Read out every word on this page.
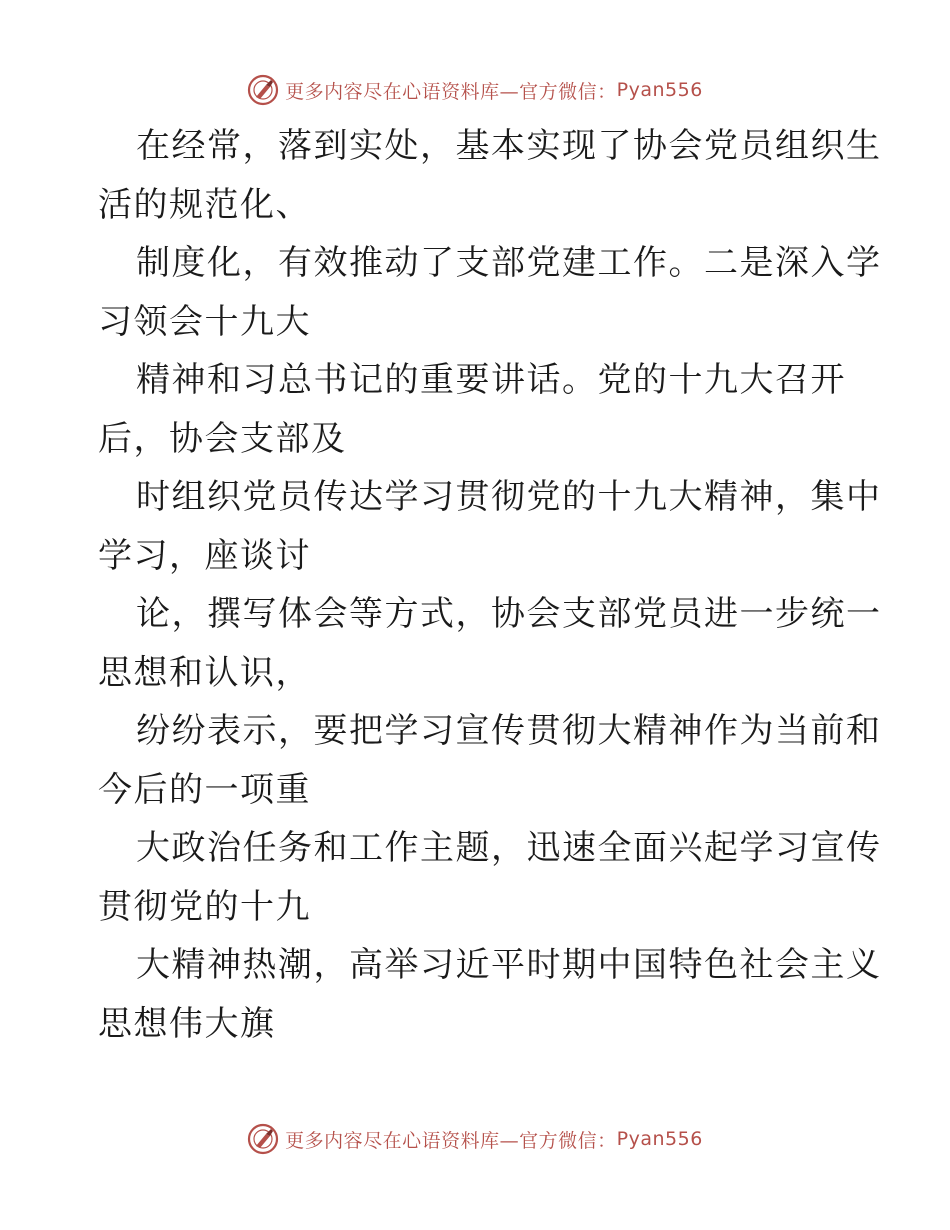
更多内容尽在心语资料库—官方微信： Pyan556
在经常，落到实处，基本实现了协会党员组织生
活的规范化、
制度化，有效推动了支部党建工作。二是深入学
习领会十九大
精神和习总书记的重要讲话。党的十九大召开
后，协会支部及
时组织党员传达学习贯彻党的十九大精神，集中
学习，座谈讨
论，撰写体会等方式，协会支部党员进一步统一
思想和认识，
纷纷表示，要把学习宣传贯彻大精神作为当前和
今后的一项重
大政治任务和工作主题，迅速全面兴起学习宣传
贯彻党的十九
大精神热潮，高举习近平时期中国特色社会主义
思想伟大旗
更多内容尽在心语资料库—官方微信： Pyan556
